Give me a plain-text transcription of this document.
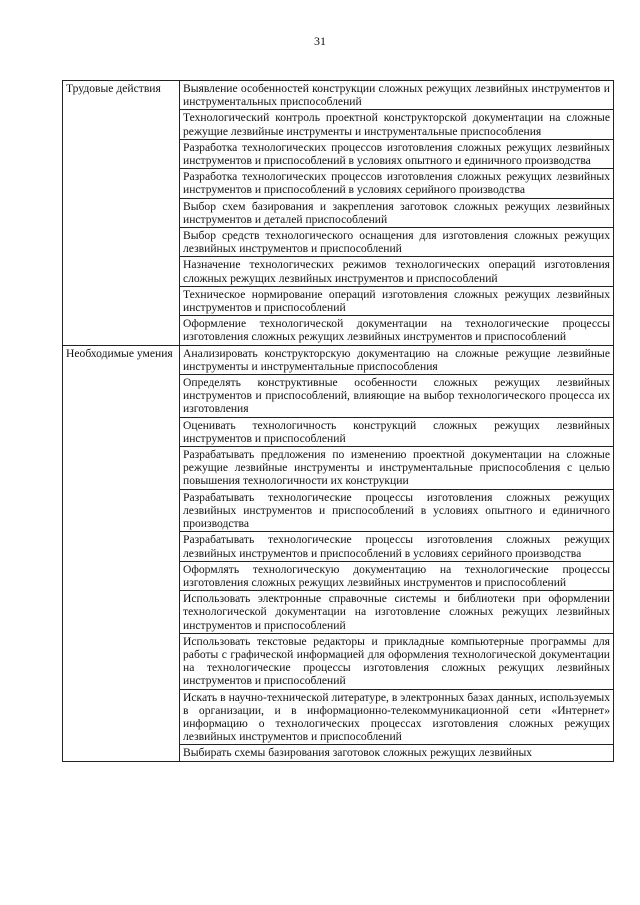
31
Трудовые действия	Выявление особенностей конструкции сложных режущих лезвийных инструментов и инструментальных приспособлений
	Технологический контроль проектной конструкторской документации на сложные режущие лезвийные инструменты и инструментальные приспособления
	Разработка технологических процессов изготовления сложных режущих лезвийных инструментов и приспособлений в условиях опытного и единичного производства
	Разработка технологических процессов изготовления сложных режущих лезвийных инструментов и приспособлений в условиях серийного производства
	Выбор схем базирования и закрепления заготовок сложных режущих лезвийных инструментов и деталей приспособлений
	Выбор средств технологического оснащения для изготовления сложных режущих лезвийных инструментов и приспособлений
	Назначение технологических режимов технологических операций изготовления сложных режущих лезвийных инструментов и приспособлений
	Техническое нормирование операций изготовления сложных режущих лезвийных инструментов и приспособлений
	Оформление технологической документации на технологические процессы изготовления сложных режущих лезвийных инструментов и приспособлений
Необходимые умения	Анализировать конструкторскую документацию на сложные режущие лезвийные инструменты и инструментальные приспособления
	Определять конструктивные особенности сложных режущих лезвийных инструментов и приспособлений, влияющие на выбор технологического процесса их изготовления
	Оценивать технологичность конструкций сложных режущих лезвийных инструментов и приспособлений
	Разрабатывать предложения по изменению проектной документации на сложные режущие лезвийные инструменты и инструментальные приспособления с целью повышения технологичности их конструкции
	Разрабатывать технологические процессы изготовления сложных режущих лезвийных инструментов и приспособлений в условиях опытного и единичного производства
	Разрабатывать технологические процессы изготовления сложных режущих лезвийных инструментов и приспособлений в условиях серийного производства
	Оформлять технологическую документацию на технологические процессы изготовления сложных режущих лезвийных инструментов и приспособлений
	Использовать электронные справочные системы и библиотеки при оформлении технологической документации на изготовление сложных режущих лезвийных инструментов и приспособлений
	Использовать текстовые редакторы и прикладные компьютерные программы для работы с графической информацией для оформления технологической документации на технологические процессы изготовления сложных режущих лезвийных инструментов и приспособлений
	Искать в научно-технической литературе, в электронных базах данных, используемых в организации, и в информационно-телекоммуникационной сети «Интернет» информацию о технологических процессах изготовления сложных режущих лезвийных инструментов и приспособлений
	Выбирать схемы базирования заготовок сложных режущих лезвийных
